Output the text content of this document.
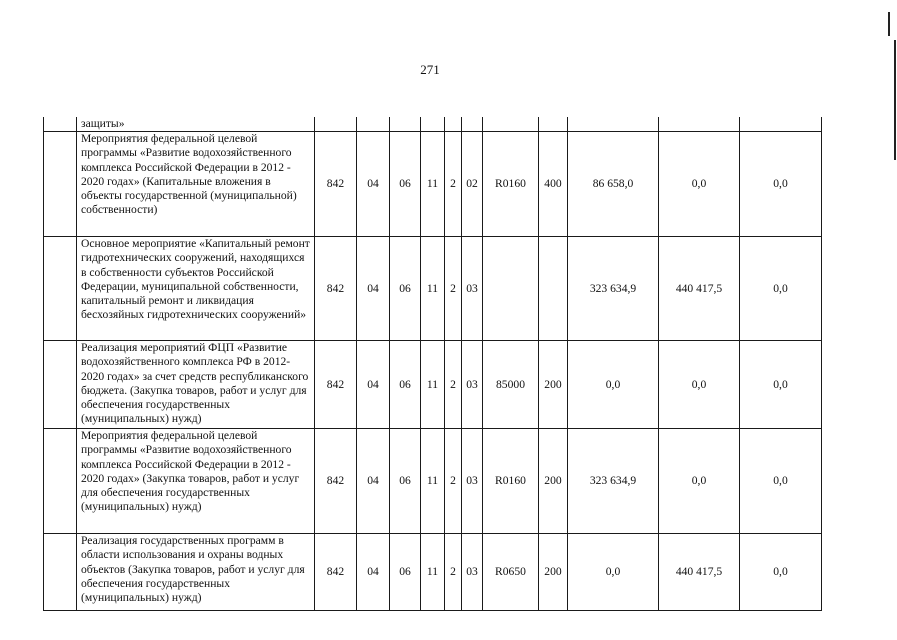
271
	защиты»											
	Мероприятия федеральной целевой программы «Развитие водохозяйственного комплекса Российской Федерации в 2012 - 2020 годах» (Капитальные вложения в объекты государственной (муниципальной) собственности)	842	04	06	11	2	02	R0160	400	86 658,0	0,0	0,0
	Основное мероприятие «Капитальный ремонт гидротехнических сооружений, находящихся в собственности субъектов Российской Федерации, муниципальной собственности, капитальный ремонт и ликвидация бесхозяйных гидротехнических сооружений»	842	04	06	11	2	03			323 634,9	440 417,5	0,0
	Реализация мероприятий ФЦП «Развитие водохозяйственного комплекса РФ в 2012-2020 годах» за счет средств республиканского бюджета. (Закупка товаров, работ и услуг для обеспечения государственных (муниципальных) нужд)	842	04	06	11	2	03	85000	200	0,0	0,0	0,0
	Мероприятия федеральной целевой программы «Развитие водохозяйственного комплекса Российской Федерации в 2012 - 2020 годах» (Закупка товаров, работ и услуг для обеспечения государственных (муниципальных) нужд)	842	04	06	11	2	03	R0160	200	323 634,9	0,0	0,0
	Реализация государственных программ в области использования и охраны водных объектов (Закупка товаров, работ и услуг для обеспечения государственных (муниципальных) нужд)	842	04	06	11	2	03	R0650	200	0,0	440 417,5	0,0
